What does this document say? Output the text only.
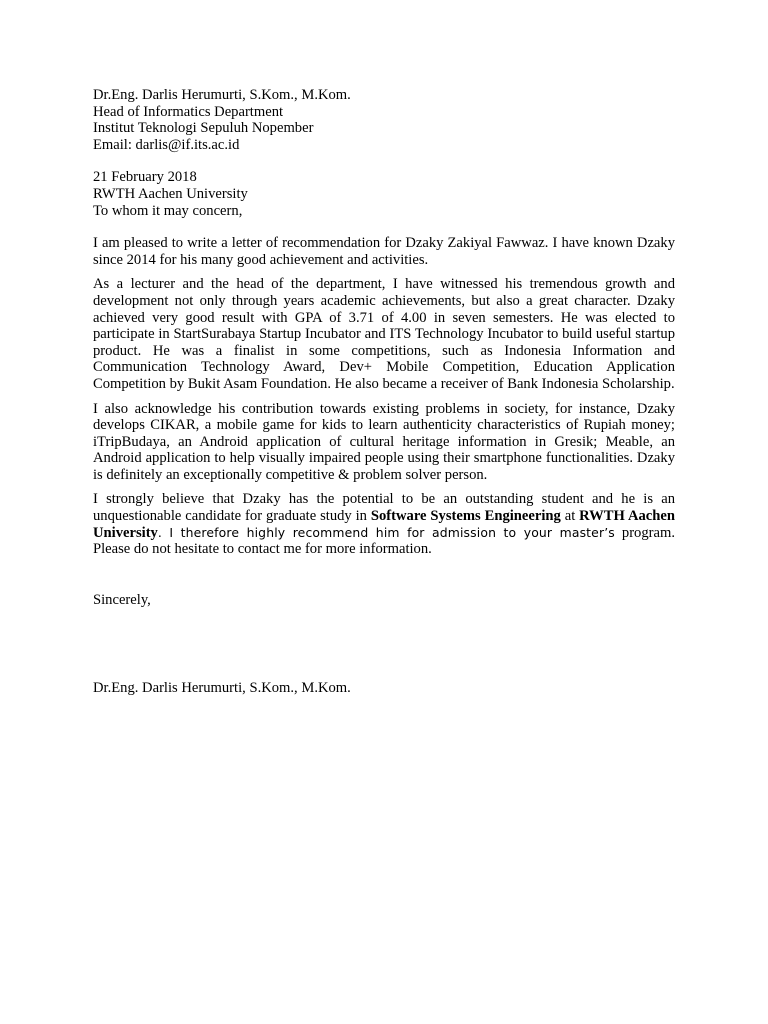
Dr.Eng. Darlis Herumurti, S.Kom., M.Kom.
Head of Informatics Department
Institut Teknologi Sepuluh Nopember
Email: darlis@if.its.ac.id
21 February 2018
RWTH Aachen University
To whom it may concern,

I am pleased to write a letter of recommendation for Dzaky Zakiyal Fawwaz. I have known Dzaky since 2014 for his many good achievement and activities.

As a lecturer and the head of the department, I have witnessed his tremendous growth and development not only through years academic achievements, but also a great character. Dzaky achieved very good result with GPA of 3.71 of 4.00 in seven semesters. He was elected to participate in StartSurabaya Startup Incubator and ITS Technology Incubator to build useful startup product. He was a finalist in some competitions, such as Indonesia Information and Communication Technology Award, Dev+ Mobile Competition, Education Application Competition by Bukit Asam Foundation. He also became a receiver of Bank Indonesia Scholarship.

I also acknowledge his contribution towards existing problems in society, for instance, Dzaky develops CIKAR, a mobile game for kids to learn authenticity characteristics of Rupiah money; iTripBudaya, an Android application of cultural heritage information in Gresik; Meable, an Android application to help visually impaired people using their smartphone functionalities. Dzaky is definitely an exceptionally competitive & problem solver person.

I strongly believe that Dzaky has the potential to be an outstanding student and he is an unquestionable candidate for graduate study in Software Systems Engineering at RWTH Aachen University. I therefore highly recommend him for admission to your master’s program. Please do not hesitate to contact me for more information.

Sincerely,
Dr.Eng. Darlis Herumurti, S.Kom., M.Kom.
